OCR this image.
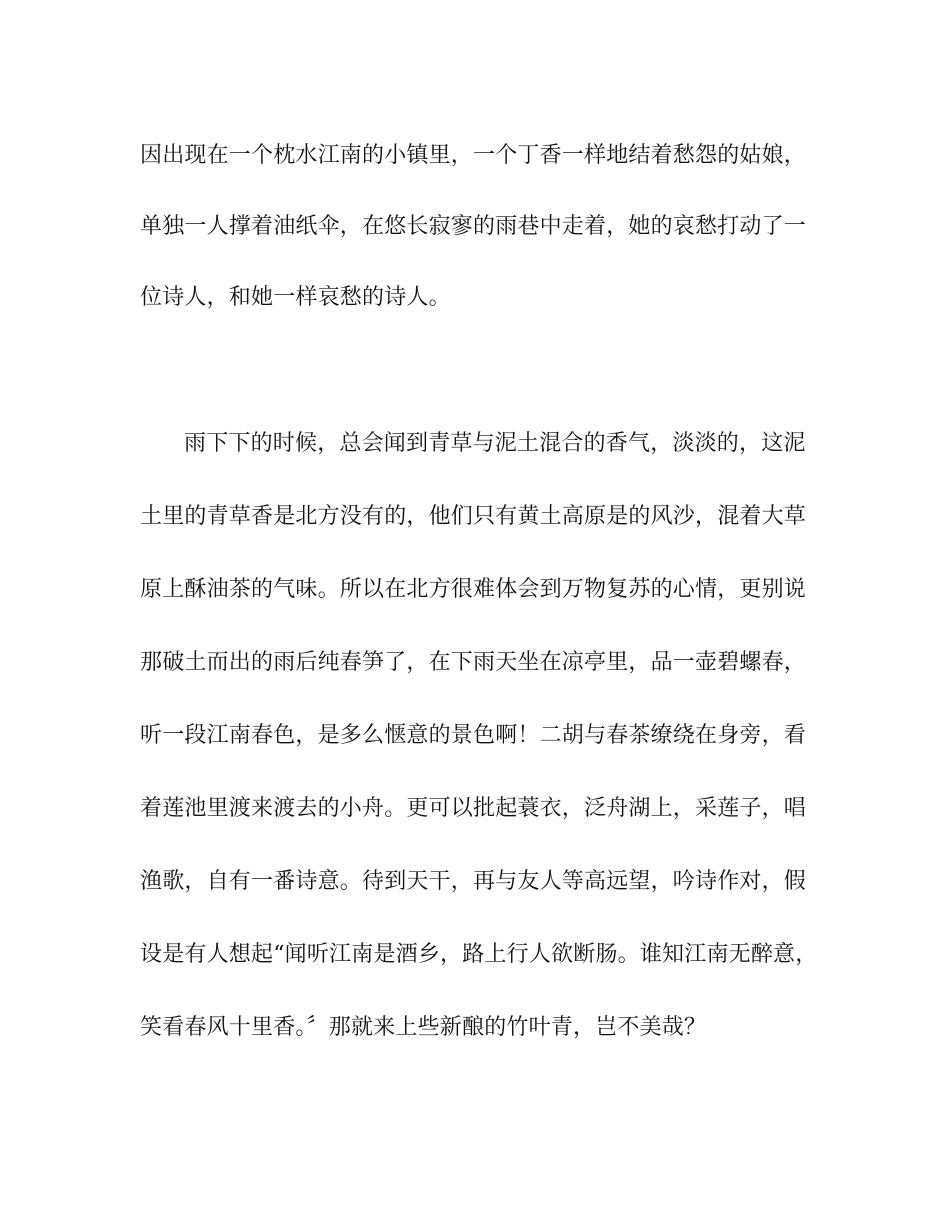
因出现在一个枕水江南的小镇里，一个丁香一样地结着愁怨的姑娘，
单独一人撑着油纸伞，在悠长寂寥的雨巷中走着，她的哀愁打动了一
位诗人，和她一样哀愁的诗人。
雨下下的时候，总会闻到青草与泥土混合的香气，淡淡的，这泥
土里的青草香是北方没有的，他们只有黄土高原是的风沙，混着大草
原上酥油茶的气味。所以在北方很难体会到万物复苏的心情，更别说
那破土而出的雨后纯春笋了，在下雨天坐在凉亭里，品一壶碧螺春，
听一段江南春色，是多么惬意的景色啊！二胡与春茶缭绕在身旁，看
着莲池里渡来渡去的小舟。更可以批起蓑衣，泛舟湖上，采莲子，唱
渔歌，自有一番诗意。待到天干，再与友人等高远望，吟诗作对，假
设是有人想起“闻听江南是酒乡，路上行人欲断肠。谁知江南无醉意，
笑看春风十里香。〞那就来上些新酿的竹叶青，岂不美哉？
